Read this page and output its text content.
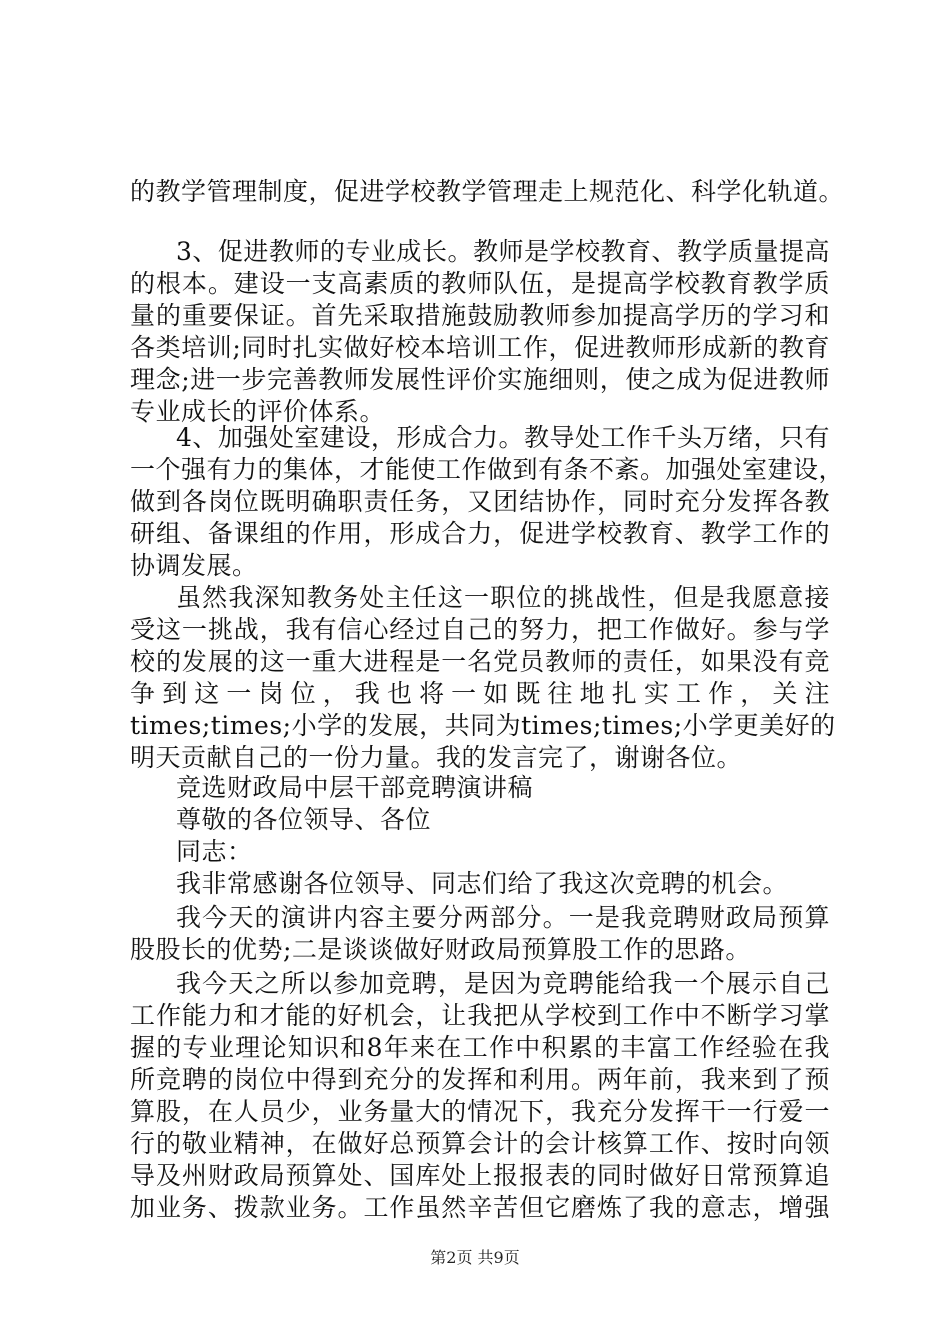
的教学管理制度，促进学校教学管理走上规范化、科学化轨道。
3、促进教师的专业成长。教师是学校教育、教学质量提高
的根本。建设一支高素质的教师队伍，是提高学校教育教学质
量的重要保证。首先采取措施鼓励教师参加提高学历的学习和
各类培训;同时扎实做好校本培训工作，促进教师形成新的教育
理念;进一步完善教师发展性评价实施细则，使之成为促进教师
专业成长的评价体系。
4、加强处室建设，形成合力。教导处工作千头万绪，只有
一个强有力的集体，才能使工作做到有条不紊。加强处室建设，
做到各岗位既明确职责任务，又团结协作，同时充分发挥各教
研组、备课组的作用，形成合力，促进学校教育、教学工作的
协调发展。
虽然我深知教务处主任这一职位的挑战性，但是我愿意接
受这一挑战，我有信心经过自己的努力，把工作做好。参与学
校的发展的这一重大进程是一名党员教师的责任，如果没有竞
争到这一岗位，我也将一如既往地扎实工作，关注
times;times;小学的发展，共同为times;times;小学更美好的
明天贡献自己的一份力量。我的发言完了，谢谢各位。
竞选财政局中层干部竞聘演讲稿
尊敬的各位领导、各位
同志：
我非常感谢各位领导、同志们给了我这次竞聘的机会。
我今天的演讲内容主要分两部分。一是我竞聘财政局预算
股股长的优势;二是谈谈做好财政局预算股工作的思路。
我今天之所以参加竞聘，是因为竞聘能给我一个展示自己
工作能力和才能的好机会，让我把从学校到工作中不断学习掌
握的专业理论知识和8年来在工作中积累的丰富工作经验在我
所竞聘的岗位中得到充分的发挥和利用。两年前，我来到了预
算股，在人员少，业务量大的情况下，我充分发挥干一行爱一
行的敬业精神，在做好总预算会计的会计核算工作、按时向领
导及州财政局预算处、国库处上报报表的同时做好日常预算追
加业务、拨款业务。工作虽然辛苦但它磨炼了我的意志，增强
第2页 共9页
